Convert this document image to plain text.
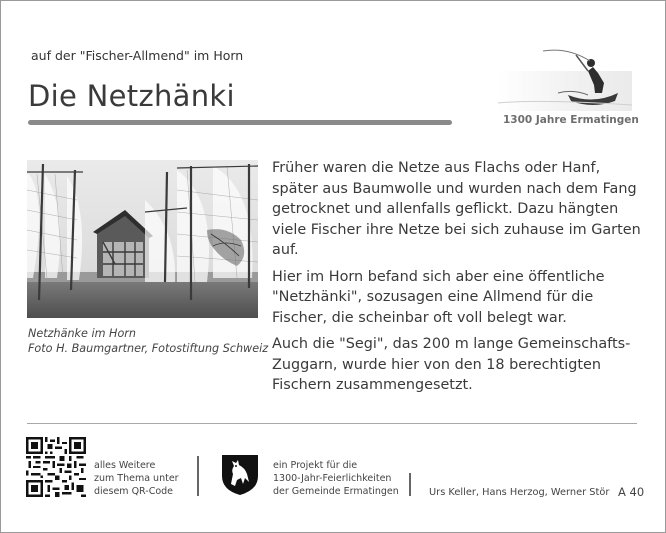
auf der "Fischer-Allmend" im Horn
Die Netzhänki
1300 Jahre Ermatingen
Netzhänke im Horn
Foto H. Baumgartner, Fotostiftung Schweiz

Früher waren die Netze aus Flachs oder Hanf, später aus Baumwolle und wurden nach dem Fang getrocknet und allenfalls geflickt. Dazu hängten viele Fischer ihre Netze bei sich zuhause im Garten auf.

Hier im Horn befand sich aber eine öffentliche "Netzhänki", sozusagen eine Allmend für die Fischer, die scheinbar oft voll belegt war.

Auch die "Segi", das 200 m lange Gemeinschafts-Zuggarn, wurde hier von den 18 berechtigten Fischern zusammengesetzt.

alles Weitere
zum Thema unter
diesem QR-Code
ein Projekt für die
1300-Jahr-Feierlichkeiten
der Gemeinde Ermatingen	Urs Keller, Hans Herzog, Werner Stör A 40
